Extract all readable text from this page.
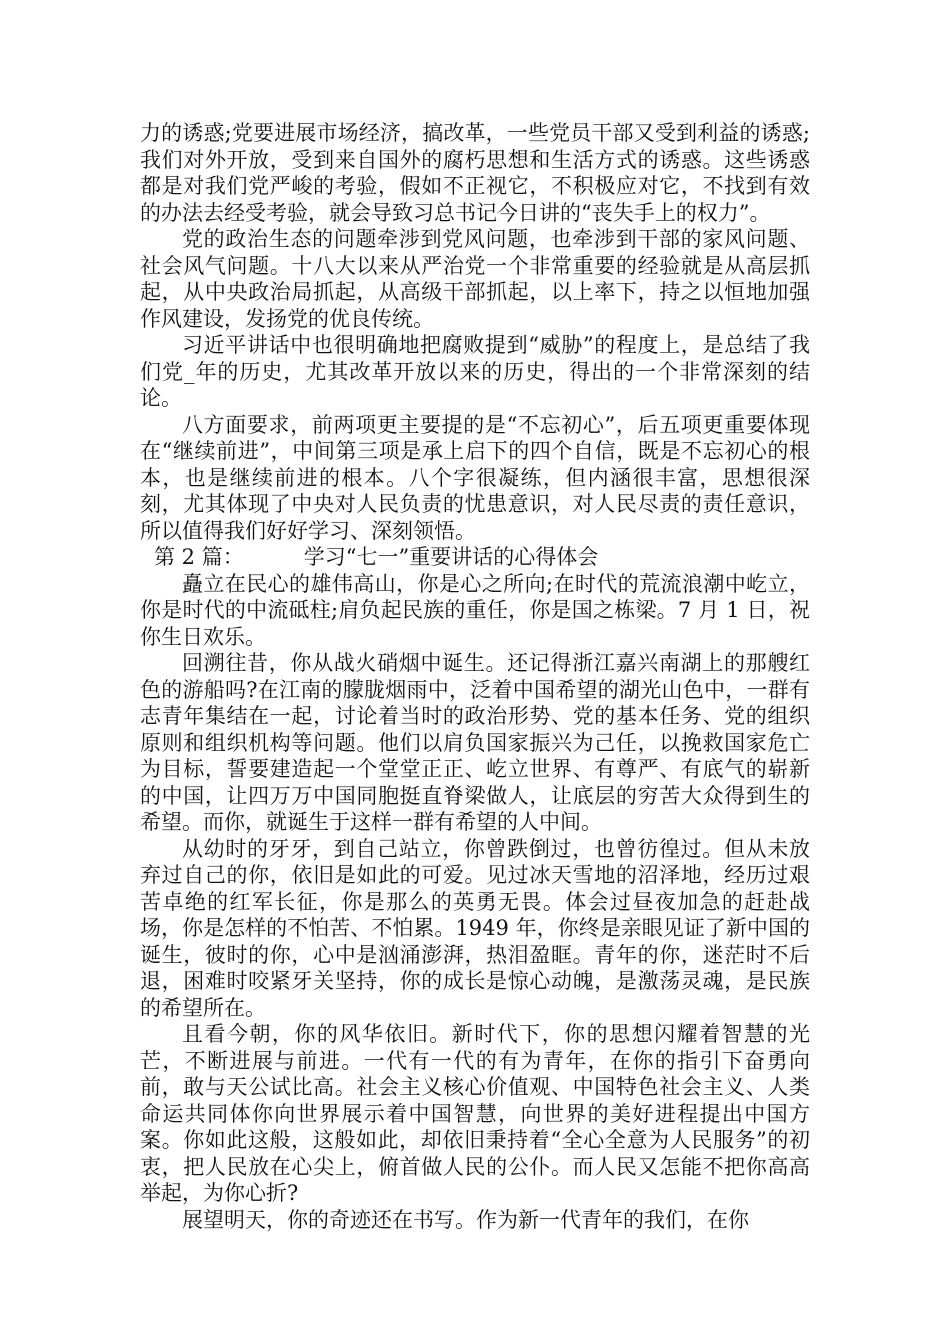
力的诱惑;党要进展市场经济，搞改革，一些党员干部又受到利益的诱惑;我们对外开放，受到来自国外的腐朽思想和生活方式的诱惑。这些诱惑都是对我们党严峻的考验，假如不正视它，不积极应对它，不找到有效的办法去经受考验，就会导致习总书记今日讲的“丧失手上的权力”。

党的政治生态的问题牵涉到党风问题，也牵涉到干部的家风问题、社会风气问题。十八大以来从严治党一个非常重要的经验就是从高层抓起，从中央政治局抓起，从高级干部抓起，以上率下，持之以恒地加强作风建设，发扬党的优良传统。

习近平讲话中也很明确地把腐败提到“威胁”的程度上，是总结了我们党_年的历史，尤其改革开放以来的历史，得出的一个非常深刻的结论。

八方面要求，前两项更主要提的是“不忘初心”，后五项更重要体现在“继续前进”，中间第三项是承上启下的四个自信，既是不忘初心的根本，也是继续前进的根本。八个字很凝练，但内涵很丰富，思想很深刻，尤其体现了中央对人民负责的忧患意识，对人民尽责的责任意识，所以值得我们好好学习、深刻领悟。

第 2 篇：	学习“七一”重要讲话的心得体会

矗立在民心的雄伟高山，你是心之所向;在时代的荒流浪潮中屹立，你是时代的中流砥柱;肩负起民族的重任，你是国之栋梁。7 月 1 日，祝你生日欢乐。

回溯往昔，你从战火硝烟中诞生。还记得浙江嘉兴南湖上的那艘红色的游船吗?在江南的朦胧烟雨中，泛着中国希望的湖光山色中，一群有志青年集结在一起，讨论着当时的政治形势、党的基本任务、党的组织原则和组织机构等问题。他们以肩负国家振兴为己任，以挽救国家危亡为目标，誓要建造起一个堂堂正正、屹立世界、有尊严、有底气的崭新的中国，让四万万中国同胞挺直脊梁做人，让底层的穷苦大众得到生的希望。而你，就诞生于这样一群有希望的人中间。

从幼时的牙牙，到自己站立，你曾跌倒过，也曾彷徨过。但从未放弃过自己的你，依旧是如此的可爱。见过冰天雪地的沼泽地，经历过艰苦卓绝的红军长征，你是那么的英勇无畏。体会过昼夜加急的赶赴战场，你是怎样的不怕苦、不怕累。1949 年，你终是亲眼见证了新中国的诞生，彼时的你，心中是汹涌澎湃，热泪盈眶。青年的你，迷茫时不后退，困难时咬紧牙关坚持，你的成长是惊心动魄，是激荡灵魂，是民族的希望所在。

且看今朝，你的风华依旧。新时代下，你的思想闪耀着智慧的光芒，不断进展与前进。一代有一代的有为青年，在你的指引下奋勇向前，敢与天公试比高。社会主义核心价值观、中国特色社会主义、人类命运共同体你向世界展示着中国智慧，向世界的美好进程提出中国方案。你如此这般，这般如此，却依旧秉持着“全心全意为人民服务”的初衷，把人民放在心尖上，俯首做人民的公仆。而人民又怎能不把你高高举起，为你心折?

展望明天，你的奇迹还在书写。作为新一代青年的我们，在你
